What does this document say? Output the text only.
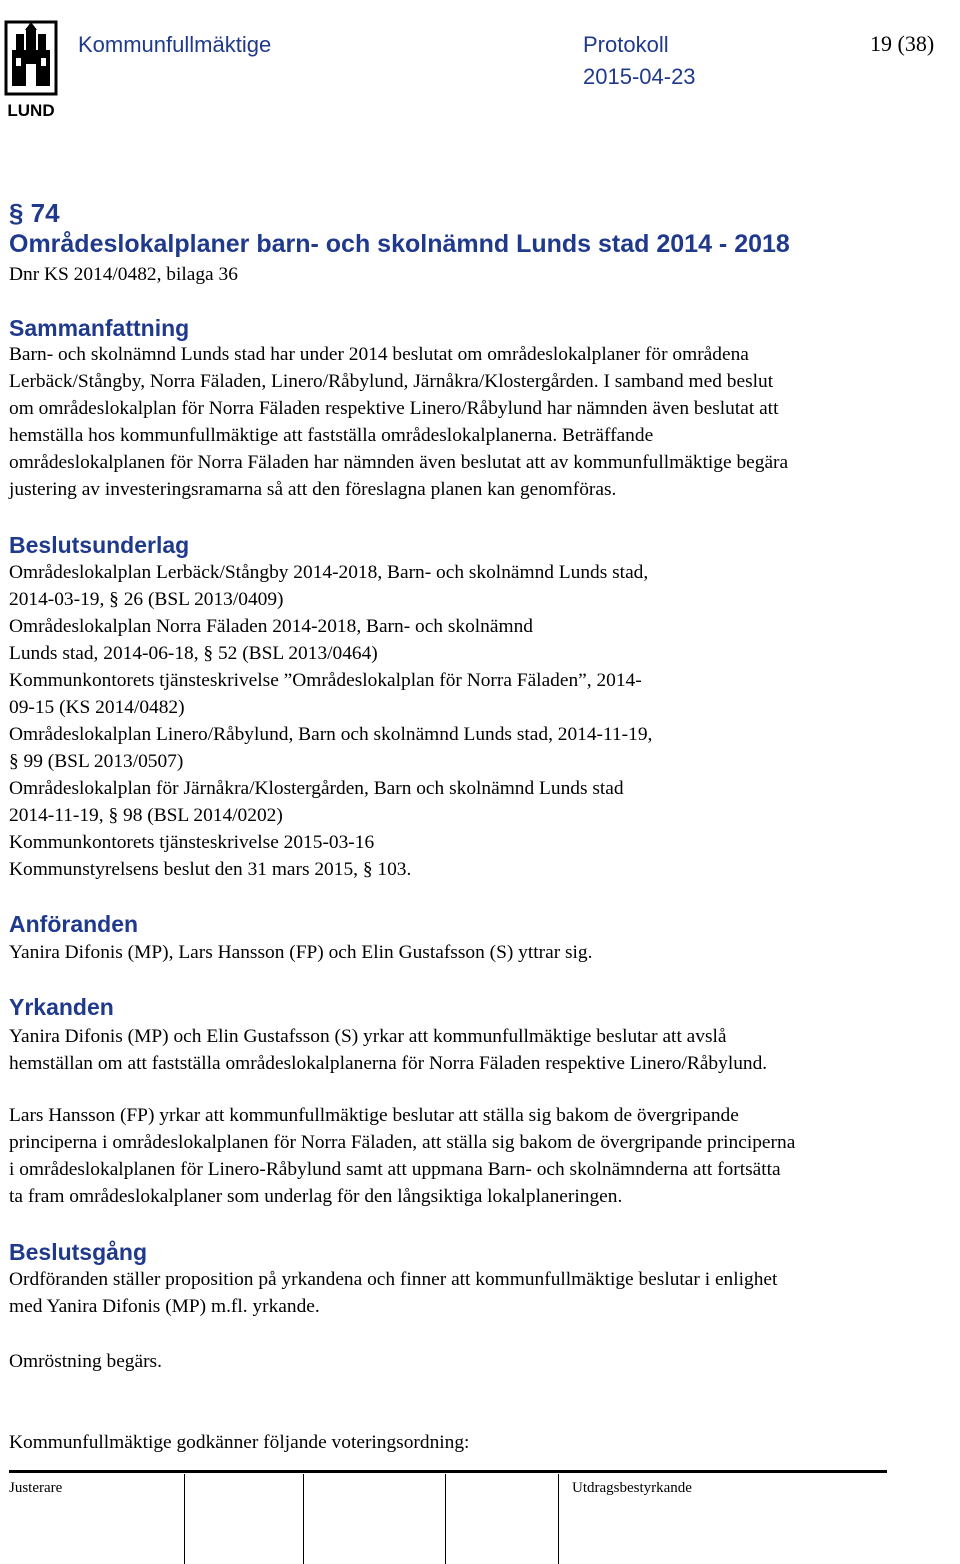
LUND
Kommunfullmäktige	Protokoll	19 (38)
2015-04-23
§ 74
Områdeslokalplaner barn- och skolnämnd Lunds stad 2014 - 2018
Dnr KS 2014/0482, bilaga 36
Sammanfattning
Barn- och skolnämnd Lunds stad har under 2014 beslutat om områdeslokalplaner för områdena
Lerbäck/Stångby, Norra Fäladen, Linero/Råbylund, Järnåkra/Klostergården. I samband med beslut
om områdeslokalplan för Norra Fäladen respektive Linero/Råbylund har nämnden även beslutat att
hemställa hos kommunfullmäktige att fastställa områdeslokalplanerna. Beträffande
områdeslokalplanen för Norra Fäladen har nämnden även beslutat att av kommunfullmäktige begära
justering av investeringsramarna så att den föreslagna planen kan genomföras.
Beslutsunderlag
Områdeslokalplan Lerbäck/Stångby 2014-2018, Barn- och skolnämnd Lunds stad,
2014-03-19, § 26 (BSL 2013/0409)
Områdeslokalplan Norra Fäladen 2014-2018, Barn- och skolnämnd
Lunds stad, 2014-06-18, § 52 (BSL 2013/0464)
Kommunkontorets tjänsteskrivelse ”Områdeslokalplan för Norra Fäladen”, 2014-
09-15 (KS 2014/0482)
Områdeslokalplan Linero/Råbylund, Barn och skolnämnd Lunds stad, 2014-11-19,
§ 99 (BSL 2013/0507)
Områdeslokalplan för Järnåkra/Klostergården, Barn och skolnämnd Lunds stad
2014-11-19, § 98 (BSL 2014/0202)
Kommunkontorets tjänsteskrivelse 2015-03-16
Kommunstyrelsens beslut den 31 mars 2015, § 103.
Anföranden
Yanira Difonis (MP), Lars Hansson (FP) och Elin Gustafsson (S) yttrar sig.
Yrkanden
Yanira Difonis (MP) och Elin Gustafsson (S) yrkar att kommunfullmäktige beslutar att avslå
hemställan om att fastställa områdeslokalplanerna för Norra Fäladen respektive Linero/Råbylund.
Lars Hansson (FP) yrkar att kommunfullmäktige beslutar att ställa sig bakom de övergripande
principerna i områdeslokalplanen för Norra Fäladen, att ställa sig bakom de övergripande principerna
i områdeslokalplanen för Linero-Råbylund samt att uppmana Barn- och skolnämnderna att fortsätta
ta fram områdeslokalplaner som underlag för den långsiktiga lokalplaneringen.
Beslutsgång
Ordföranden ställer proposition på yrkandena och finner att kommunfullmäktige beslutar i enlighet
med Yanira Difonis (MP) m.fl. yrkande.
Omröstning begärs.
Kommunfullmäktige godkänner följande voteringsordning:
Justerare	Utdragsbestyrkande
